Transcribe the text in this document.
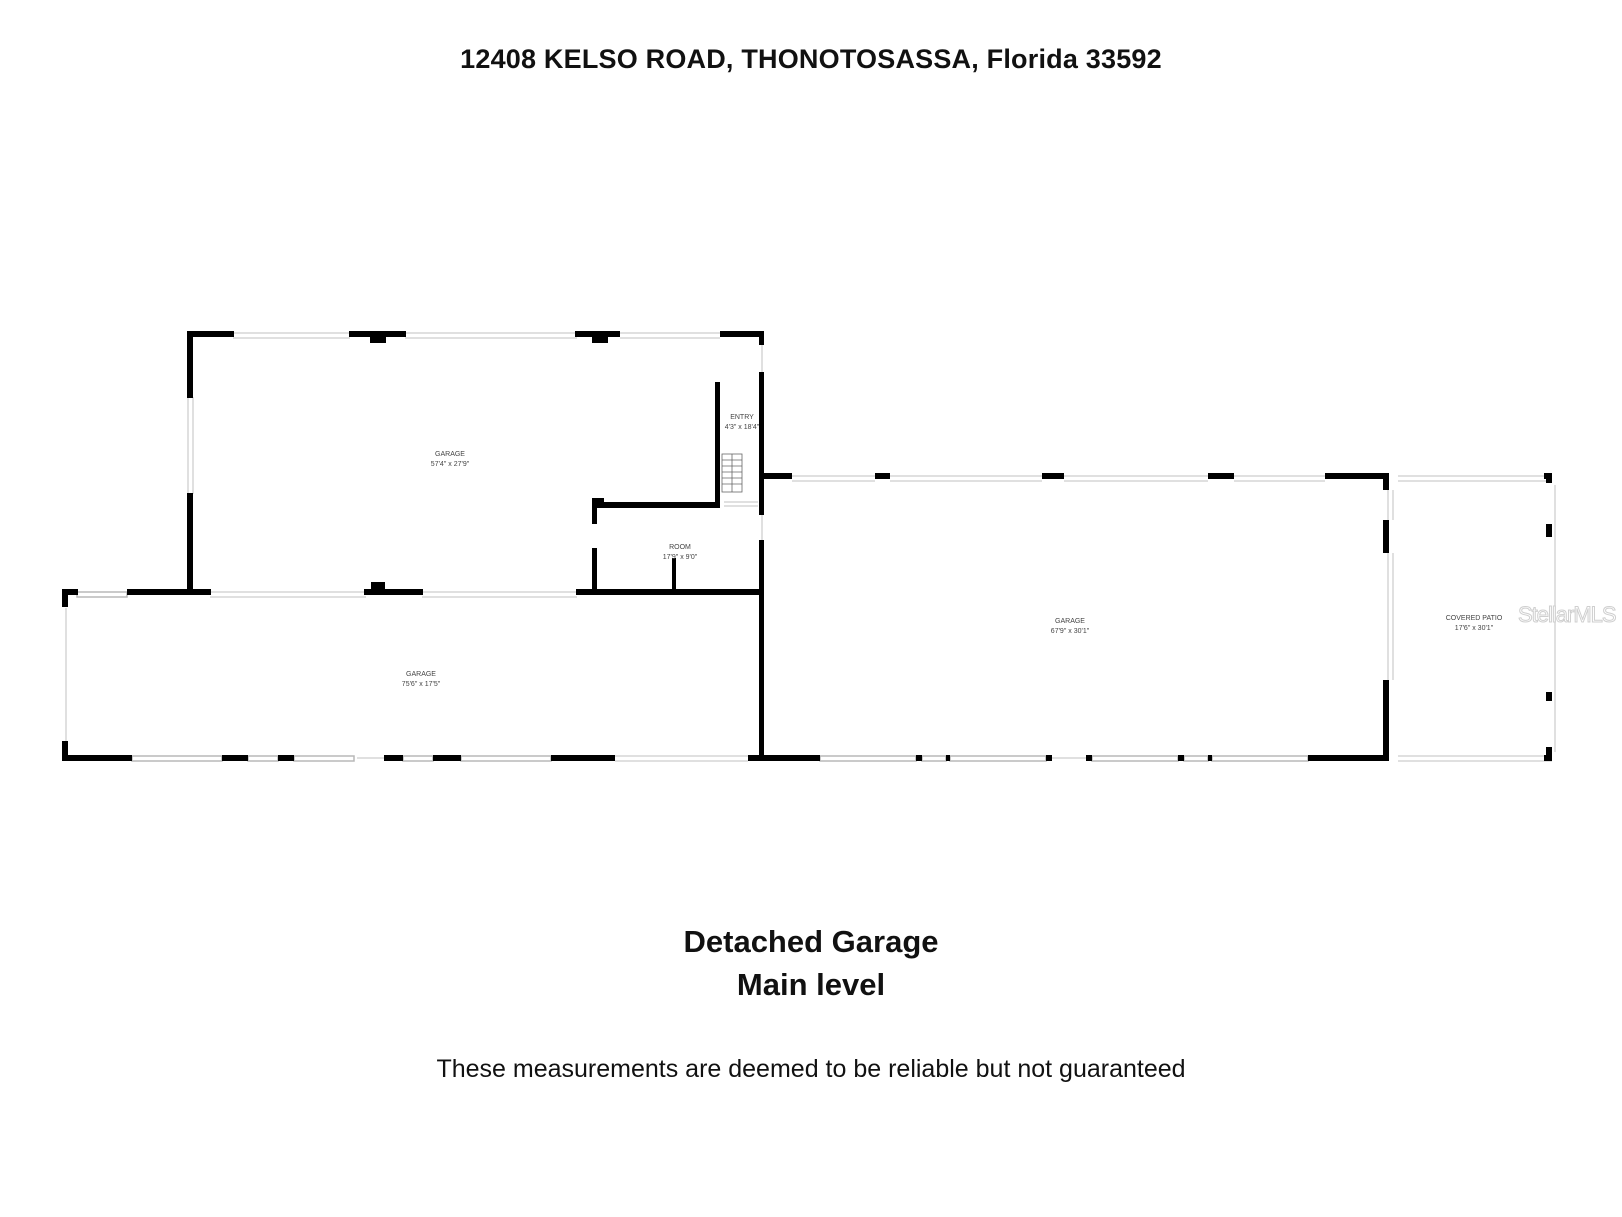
12408 KELSO ROAD, THONOTOSASSA, Florida 33592
GARAGE
57'4" x 27'9"
ENTRY
4'3" x 18'4"
ROOM
17'9" x 9'0"
GARAGE
75'6" x 17'5"
GARAGE
67'9" x 30'1"
COVERED PATIO
17'6" x 30'1"
StellarMLS
Detached Garage
Main level
These measurements are deemed to be reliable but not guaranteed
